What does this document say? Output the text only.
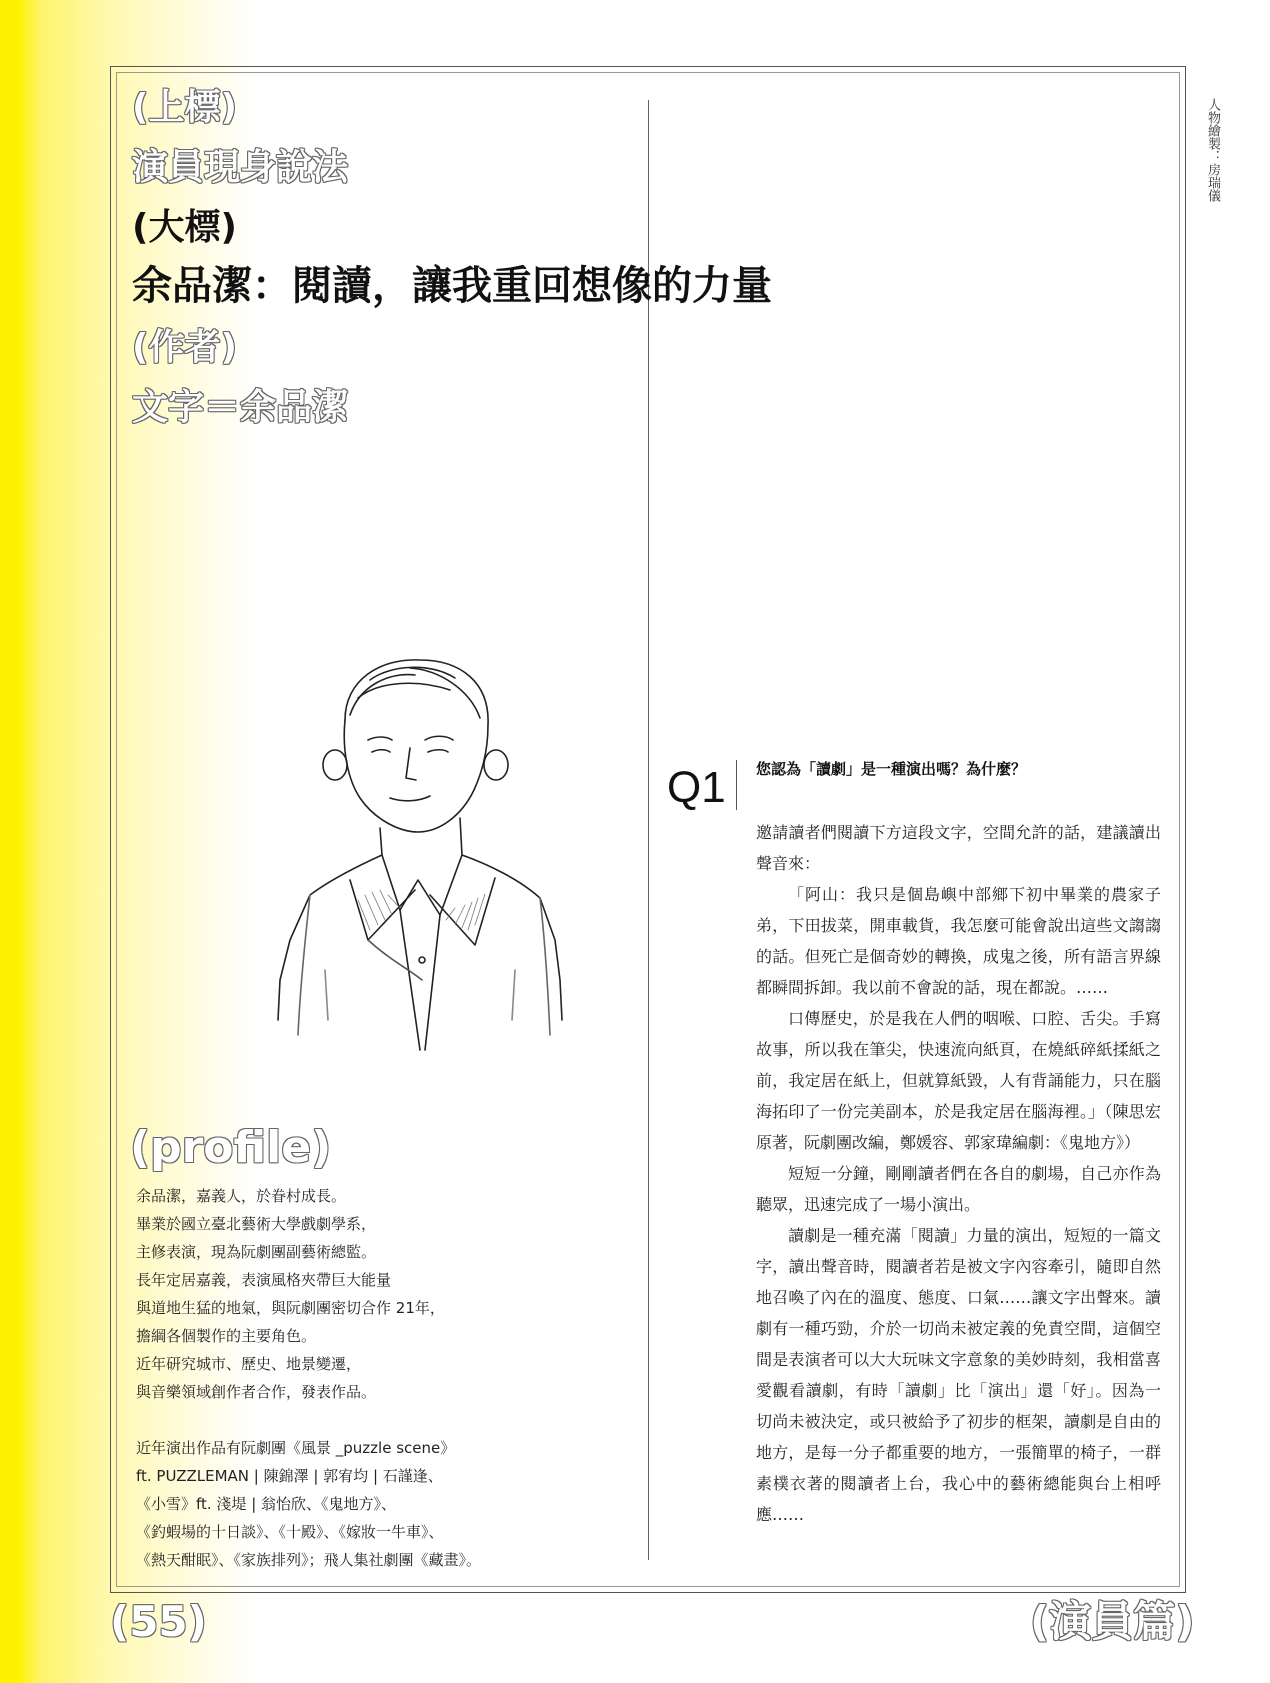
(上標)
演員現身說法
(大標)
余品潔：閱讀，讓我重回想像的力量
(作者)
文字＝余品潔
人物繪製：房瑞儀
(profile)

余品潔，嘉義人，於眷村成長。

畢業於國立臺北藝術大學戲劇學系，

主修表演，現為阮劇團副藝術總監。

長年定居嘉義，表演風格夾帶巨大能量

與道地生猛的地氣，與阮劇團密切合作 21年，

擔綱各個製作的主要角色。

近年研究城市、歷史、地景變遷，

與音樂領域創作者合作，發表作品。

近年演出作品有阮劇團《風景 _puzzle scene》

ft. PUZZLEMAN | 陳錦澤 | 郭宥均 | 石謹逢、

《小雪》ft. 淺堤 | 翁怡欣、《鬼地方》、

《釣蝦場的十日談》、《十殿》、《嫁妝一牛車》、

《熱天酣眠》、《家族排列》；飛人集社劇團《藏畫》。

Q1 您認為「讀劇」是一種演出嗎？為什麼？

邀請讀者們閱讀下方這段文字，空間允許的話，建議讀出聲音來：

「阿山：我只是個島嶼中部鄉下初中畢業的農家子弟，下田拔菜，開車載貨，我怎麼可能會說出這些文謅謅的話。但死亡是個奇妙的轉換，成鬼之後，所有語言界線都瞬間拆卸。我以前不會說的話，現在都說。……

口傳歷史，於是我在人們的咽喉、口腔、舌尖。手寫故事，所以我在筆尖，快速流向紙頁，在燒紙碎紙揉紙之前，我定居在紙上，但就算紙毀，人有背誦能力，只在腦海拓印了一份完美副本，於是我定居在腦海裡。」（陳思宏原著，阮劇團改編，鄭媛容、郭家瑋編劇：《鬼地方》）

短短一分鐘，剛剛讀者們在各自的劇場，自己亦作為聽眾，迅速完成了一場小演出。

讀劇是一種充滿「閱讀」力量的演出，短短的一篇文字，讀出聲音時，閱讀者若是被文字內容牽引，隨即自然地召喚了內在的溫度、態度、口氣……讓文字出聲來。讀劇有一種巧勁，介於一切尚未被定義的免責空間，這個空間是表演者可以大大玩味文字意象的美妙時刻，我相當喜愛觀看讀劇，有時「讀劇」比「演出」還「好」。因為一切尚未被決定，或只被給予了初步的框架，讀劇是自由的地方，是每一分子都重要的地方，一張簡單的椅子，一群素樸衣著的閱讀者上台，我心中的藝術總能與台上相呼應……

(55)	(演員篇)
